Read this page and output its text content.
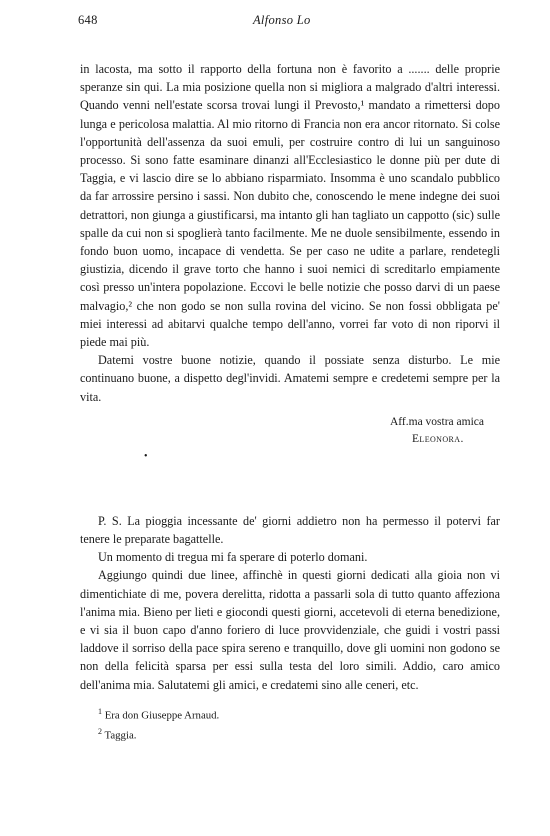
648	Alfonso Lo

in lacosta, ma sotto il rapporto della fortuna non è favorito a ....... delle proprie speranze sin qui. La mia posizione quella non si migliora a malgrado d'altri interessi. Quando venni nell'estate scorsa trovai lungi il Prevosto,¹ mandato a rimettersi dopo lunga e pericolosa malattia. Al mio ritorno di Francia non era ancor ritornato. Si colse l'opportunità dell'assenza da suoi emuli, per costruire contro di lui un sanguinoso processo. Si sono fatte esaminare dinanzi all'Ecclesiastico le donne più per dute di Taggia, e vi lascio dire se lo abbiano risparmiato. Insomma è uno scandalo pubblico da far arrossire persino i sassi. Non dubito che, conoscendo le mene indegne dei suoi detrattori, non giunga a giustificarsi, ma intanto gli han tagliato un cappotto (sic) sulle spalle da cui non si spoglierà tanto facilmente. Me ne duole sensibilmente, essendo in fondo buon uomo, incapace di vendetta. Se per caso ne udite a parlare, rendetegli giustizia, dicendo il grave torto che hanno i suoi nemici di screditarlo empiamente così presso un'intera popolazione. Eccovi le belle notizie che posso darvi di un paese malvagio,² che non godo se non sulla rovina del vicino. Se non fossi obbligata pe' miei interessi ad abitarvi qualche tempo dell'anno, vorrei far voto di non riporvi il piede mai più.

Datemi vostre buone notizie, quando il possiate senza disturbo. Le mie continuano buone, a dispetto degl'invidi. Amatemi sempre e credetemi sempre per la vita.

Aff.ma vostra amica
Eleonora.
•

P. S. La pioggia incessante de' giorni addietro non ha permesso il potervi far tenere le preparate bagattelle.

Un momento di tregua mi fa sperare di poterlo domani.

Aggiungo quindi due linee, affinchè in questi giorni dedicati alla gioia non vi dimentichiate di me, povera derelitta, ridotta a passarli sola di tutto quanto affeziona l'anima mia. Bieno per lieti e giocondi questi giorni, accetevoli di eterna benedizione, e vi sia il buon capo d'anno foriero di luce provvidenziale, che guidi i vostri passi laddove il sorriso della pace spira sereno e tranquillo, dove gli uomini non godono se non della felicità sparsa per essi sulla testa del loro simili. Addio, caro amico dell'anima mia. Salutatemi gli amici, e credatemi sino alle ceneri, etc.

$^1$ Era don Giuseppe Arnaud.

$^2$ Taggia.
